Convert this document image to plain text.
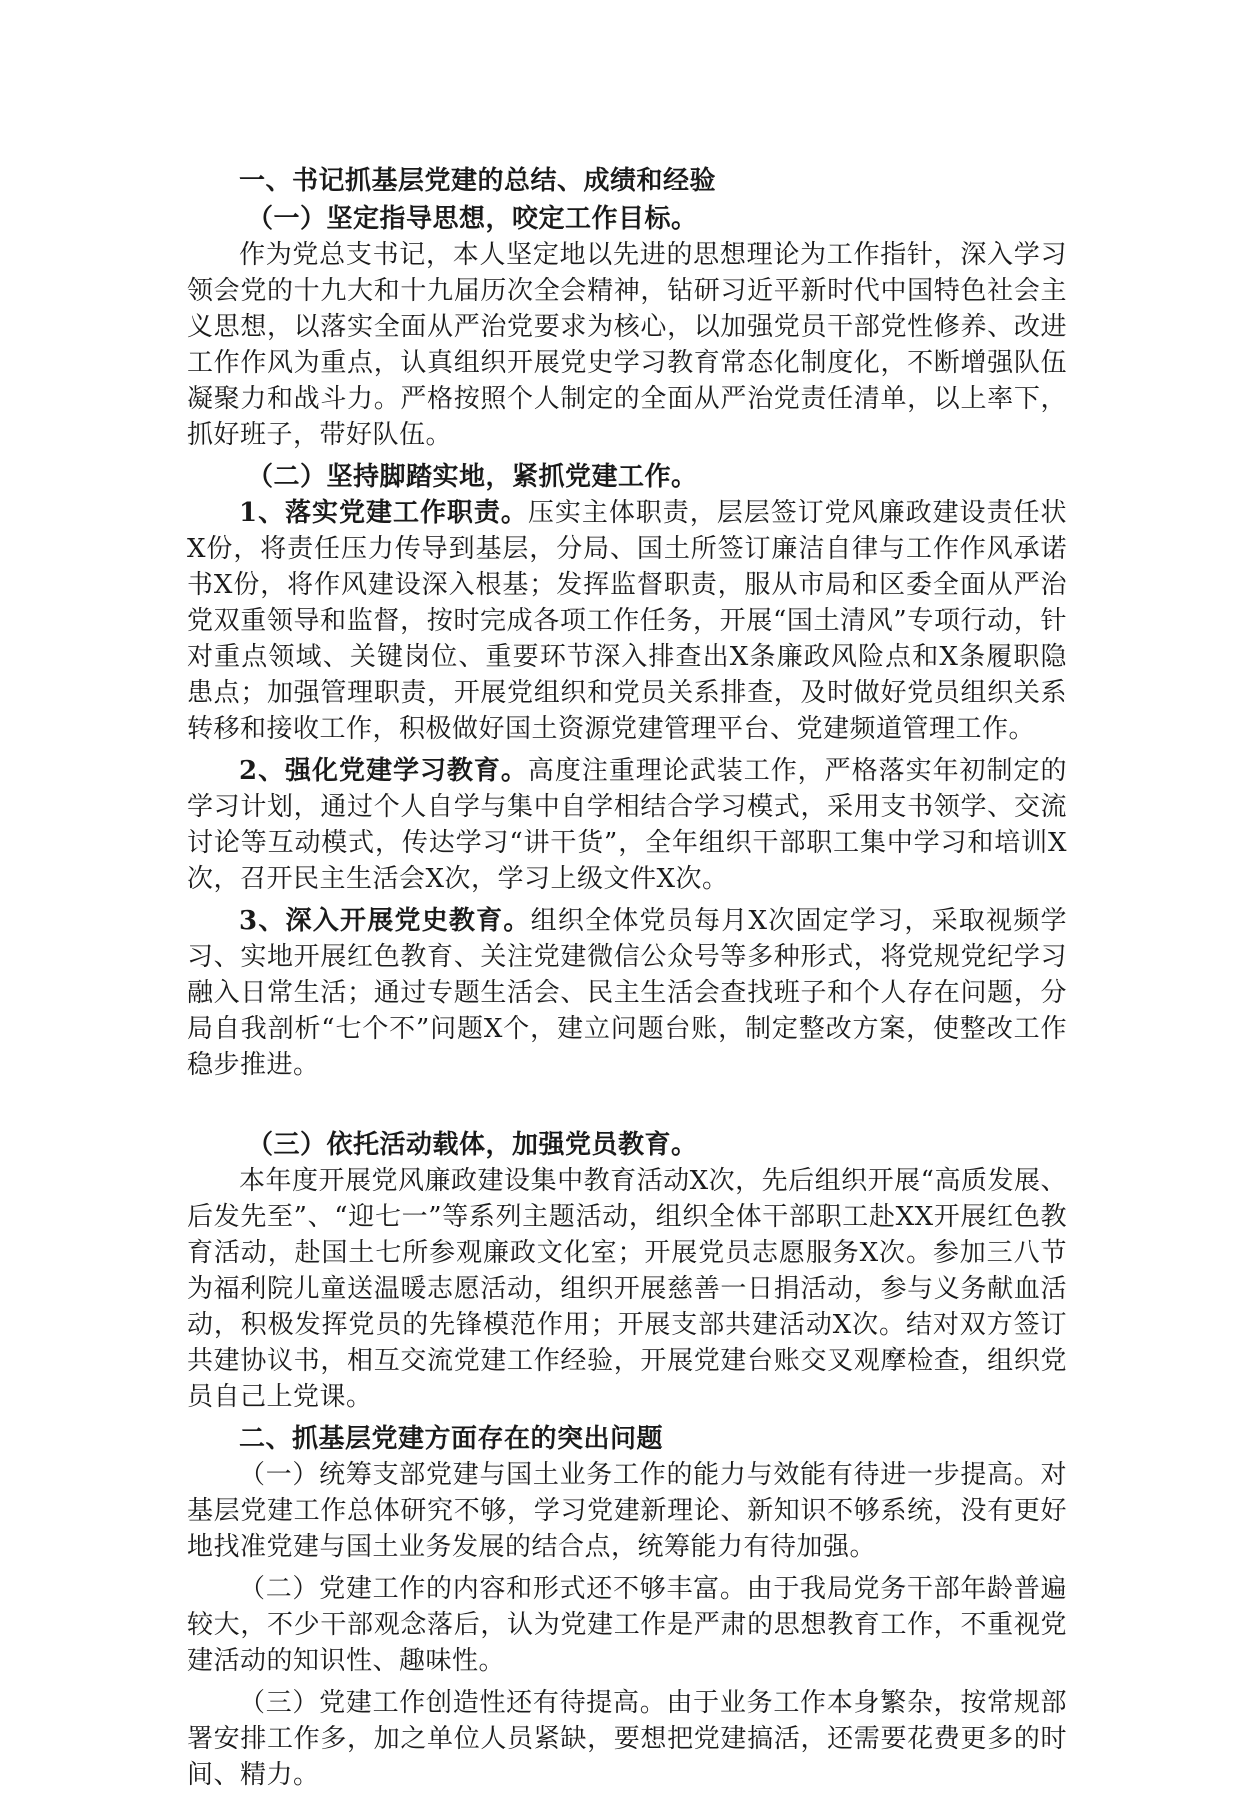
一、书记抓基层党建的总结、成绩和经验

（一）坚定指导思想，咬定工作目标。

作为党总支书记，本人坚定地以先进的思想理论为工作指针，深入学习领会党的十九大和十九届历次全会精神，钻研习近平新时代中国特色社会主义思想，以落实全面从严治党要求为核心，以加强党员干部党性修养、改进工作作风为重点，认真组织开展党史学习教育常态化制度化，不断增强队伍凝聚力和战斗力。严格按照个人制定的全面从严治党责任清单，以上率下，抓好班子，带好队伍。

（二）坚持脚踏实地，紧抓党建工作。

1、落实党建工作职责。压实主体职责，层层签订党风廉政建设责任状X份，将责任压力传导到基层，分局、国土所签订廉洁自律与工作作风承诺书X份，将作风建设深入根基；发挥监督职责，服从市局和区委全面从严治党双重领导和监督，按时完成各项工作任务，开展“国土清风”专项行动，针对重点领域、关键岗位、重要环节深入排查出X条廉政风险点和X条履职隐患点；加强管理职责，开展党组织和党员关系排查，及时做好党员组织关系转移和接收工作，积极做好国土资源党建管理平台、党建频道管理工作。

2、强化党建学习教育。高度注重理论武装工作，严格落实年初制定的学习计划，通过个人自学与集中自学相结合学习模式，采用支书领学、交流讨论等互动模式，传达学习“讲干货”，全年组织干部职工集中学习和培训X次，召开民主生活会X次，学习上级文件X次。

3、深入开展党史教育。组织全体党员每月X次固定学习，采取视频学习、实地开展红色教育、关注党建微信公众号等多种形式，将党规党纪学习融入日常生活；通过专题生活会、民主生活会查找班子和个人存在问题，分局自我剖析“七个不”问题X个，建立问题台账，制定整改方案，使整改工作稳步推进。

（三）依托活动载体，加强党员教育。

本年度开展党风廉政建设集中教育活动X次，先后组织开展“高质发展、后发先至”、“迎七一”等系列主题活动，组织全体干部职工赴XX开展红色教育活动，赴国土七所参观廉政文化室；开展党员志愿服务X次。参加三八节为福利院儿童送温暖志愿活动，组织开展慈善一日捐活动，参与义务献血活动，积极发挥党员的先锋模范作用；开展支部共建活动X次。结对双方签订共建协议书，相互交流党建工作经验，开展党建台账交叉观摩检查，组织党员自己上党课。

二、抓基层党建方面存在的突出问题

（一）统筹支部党建与国土业务工作的能力与效能有待进一步提高。对基层党建工作总体研究不够，学习党建新理论、新知识不够系统，没有更好地找准党建与国土业务发展的结合点，统筹能力有待加强。

（二）党建工作的内容和形式还不够丰富。由于我局党务干部年龄普遍较大，不少干部观念落后，认为党建工作是严肃的思想教育工作，不重视党建活动的知识性、趣味性。

（三）党建工作创造性还有待提高。由于业务工作本身繁杂，按常规部署安排工作多，加之单位人员紧缺，要想把党建搞活，还需要花费更多的时间、精力。
